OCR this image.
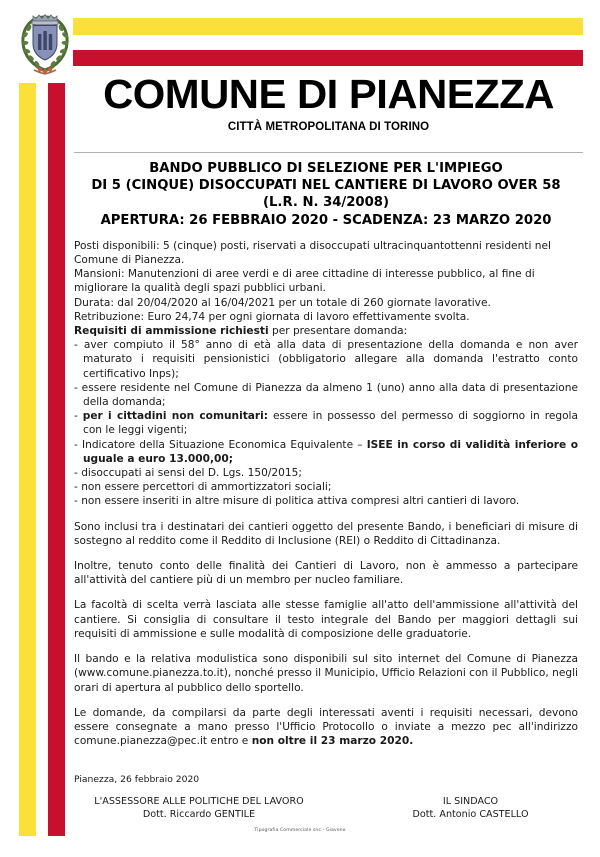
COMUNE DI PIANEZZA
CITTÀ METROPOLITANA DI TORINO
BANDO PUBBLICO DI SELEZIONE PER L'IMPIEGO
DI 5 (CINQUE) DISOCCUPATI NEL CANTIERE DI LAVORO OVER 58
(L.R. N. 34/2008)
APERTURA: 26 FEBBRAIO 2020 - SCADENZA: 23 MARZO 2020

Posti disponibili: 5 (cinque) posti, riservati a disoccupati ultracinquantottenni residenti nel Comune di Pianezza.

Mansioni: Manutenzioni di aree verdi e di aree cittadine di interesse pubblico, al fine di migliorare la qualità degli spazi pubblici urbani.

Durata: dal 20/04/2020 al 16/04/2021 per un totale di 260 giornate lavorative.

Retribuzione: Euro 24,74 per ogni giornata di lavoro effettivamente svolta.

Requisiti di ammissione richiesti per presentare domanda:

- aver compiuto il 58° anno di età alla data di presentazione della domanda e non aver maturato i requisiti pensionistici (obbligatorio allegare alla domanda l'estratto conto certificativo Inps);

- essere residente nel Comune di Pianezza da almeno 1 (uno) anno alla data di presentazione della domanda;

- per i cittadini non comunitari: essere in possesso del permesso di soggiorno in regola con le leggi vigenti;

- Indicatore della Situazione Economica Equivalente – ISEE in corso di validità inferiore o uguale a euro 13.000,00;

- disoccupati ai sensi del D. Lgs. 150/2015;

- non essere percettori di ammortizzatori sociali;

- non essere inseriti in altre misure di politica attiva compresi altri cantieri di lavoro.

Sono inclusi tra i destinatari dei cantieri oggetto del presente Bando, i beneficiari di misure di sostegno al reddito come il Reddito di Inclusione (REI) o Reddito di Cittadinanza.

Inoltre, tenuto conto delle finalità dei Cantieri di Lavoro, non è ammesso a partecipare all'attività del cantiere più di un membro per nucleo familiare.

La facoltà di scelta verrà lasciata alle stesse famiglie all'atto dell'ammissione all'attività del cantiere. Si consiglia di consultare il testo integrale del Bando per maggiori dettagli sui requisiti di ammissione e sulle modalità di composizione delle graduatorie.

Il bando e la relativa modulistica sono disponibili sul sito internet del Comune di Pianezza (www.comune.pianezza.to.it), nonché presso il Municipio, Ufficio Relazioni con il Pubblico, negli orari di apertura al pubblico dello sportello.

Le domande, da compilarsi da parte degli interessati aventi i requisiti necessari, devono essere consegnate a mano presso l'Ufficio Protocollo o inviate a mezzo pec all'indirizzo comune.pianezza@pec.it entro e non oltre il 23 marzo 2020.

Pianezza, 26 febbraio 2020
L'ASSESSORE ALLE POLITICHE DEL LAVORO
Dott. Riccardo GENTILE
IL SINDACO
Dott. Antonio CASTELLO
Tipografia Commerciale snc - Giaveno
